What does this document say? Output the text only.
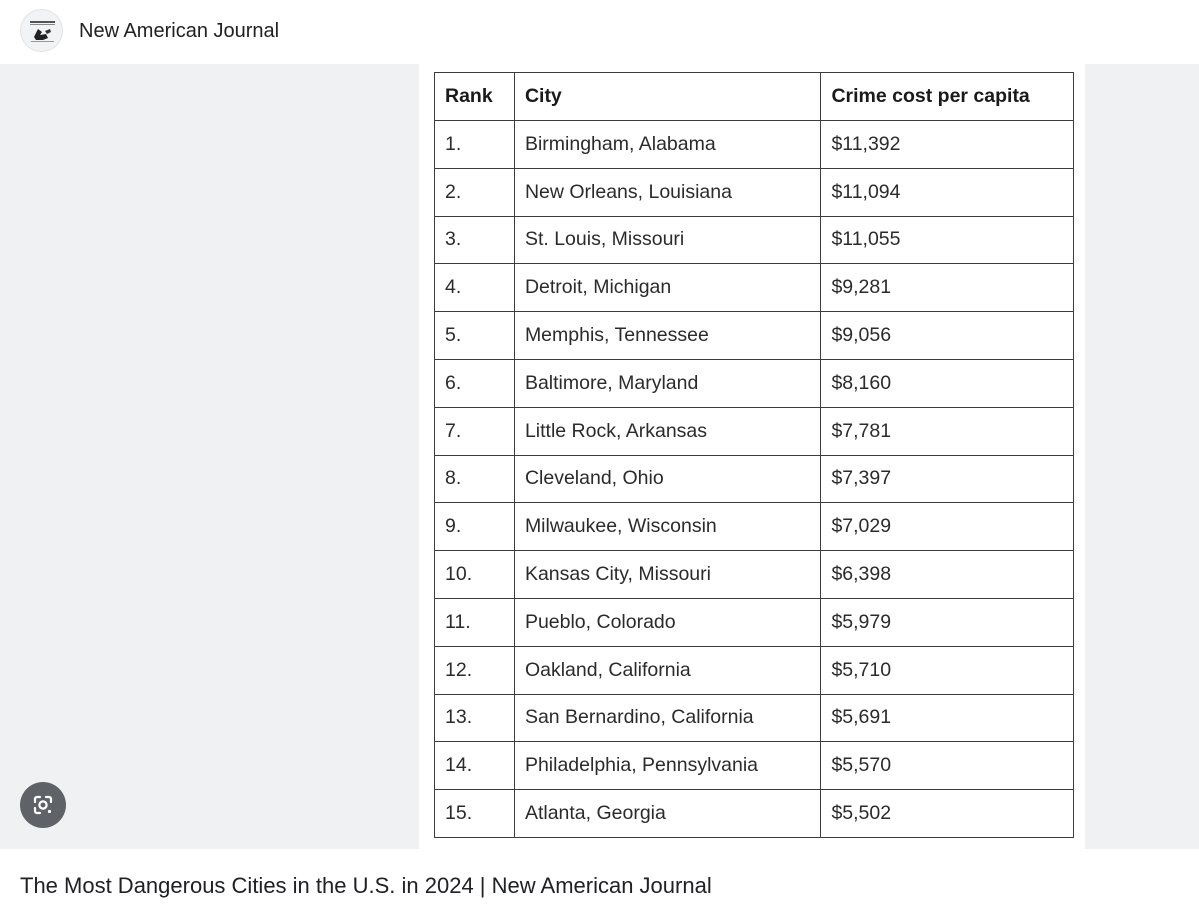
New American Journal
Rank	City	Crime cost per capita
1.	Birmingham, Alabama	$11,392
2.	New Orleans, Louisiana	$11,094
3.	St. Louis, Missouri	$11,055
4.	Detroit, Michigan	$9,281
5.	Memphis, Tennessee	$9,056
6.	Baltimore, Maryland	$8,160
7.	Little Rock, Arkansas	$7,781
8.	Cleveland, Ohio	$7,397
9.	Milwaukee, Wisconsin	$7,029
10.	Kansas City, Missouri	$6,398
11.	Pueblo, Colorado	$5,979
12.	Oakland, California	$5,710
13.	San Bernardino, California	$5,691
14.	Philadelphia, Pennsylvania	$5,570
15.	Atlanta, Georgia	$5,502
The Most Dangerous Cities in the U.S. in 2024 | New American Journal
